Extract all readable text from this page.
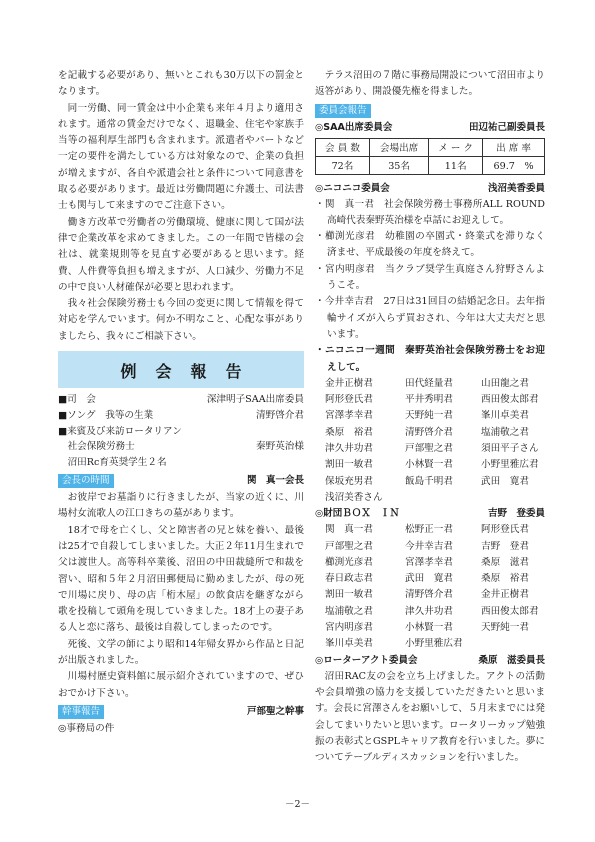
を記載する必要があり、無いとこれも30万以下の罰金となります。

同一労働、同一賃金は中小企業も来年４月より適用されます。通常の賃金だけでなく、退職金、住宅や家族手当等の福利厚生部門も含まれます。派遣者やパートなど一定の要件を満たしている方は対象なので、企業の負担が増えますが、各自や派遣会社と条件について同意書を取る必要があります。最近は労働問題に弁護士、司法書士も関与して来ますのでご注意下さい。

働き方改革で労働者の労働環境、健康に関して国が法律で企業改革を求めてきました。この一年間で皆様の会社は、就業規則等を見直す必要があると思います。経費、人件費等負担も増えますが、人口減少、労働力不足の中で良い人材確保が必要と思われます。

我々社会保険労務士も今回の変更に関して情報を得て対応を学んでいます。何か不明なこと、心配な事がありましたら、我々にご相談下さい。

例会報告
■司　会	深津明子SAA出席委員
■ソング　我等の生業	清野啓介君
■来賓及び来訪ロータリアン
　社会保険労務士	秦野英治様
　沼田Rc育英奨学生２名
会長の時間	関　真一会長

お彼岸でお墓詣りに行きましたが、当家の近くに、川場村女流歌人の江口きちの墓があります。

18才で母を亡くし、父と障害者の兄と妹を養い、最後は25才で自殺してしまいました。大正２年11月生まれで父は渡世人。高等科卒業後、沼田の中田裁縫所で和裁を習い、昭和５年２月沼田郵便局に勤めましたが、母の死で川場に戻り、母の店「桁木屋」の飲食店を継ぎながら歌を投稿して頭角を現していきました。18才上の妻子ある人と恋に落ち、最後は自殺してしまったのです。

死後、文学の師により昭和14年帰女界から作品と日記が出版されました。

川場村歴史資料館に展示紹介されていますので、ぜひおでかけ下さい。

幹事報告	戸部聖之幹事

◎事務局の件

テラス沼田の７階に事務局開設について沼田市より返答があり、開設優先権を得ました。

委員会報告
◎SAA出席委員会	田辺祐己副委員長
会 員 数	会場出席	メ ー ク	出 席 率
72名	35名	11名	69.7　%
◎ニコニコ委員会	浅沼美香委員

・関　真一君　社会保険労務士事務所ALL ROUND高崎代表秦野英治様を卓話にお迎えして。

・櫛渕光彦君　幼稚園の卒園式・終業式を滞りなく済ませ、平成最後の年度を終えて。

・宮内明彦君　当クラブ奨学生真庭さん狩野さんようこそ。

・今井幸吉君　27日は31回目の結婚記念日。去年指輪サイズが入らず買おされ、今年は大丈夫だと思います。

・ニコニコ一週間　秦野英治社会保険労務士をお迎えして。

金井正樹君	田代経量君	山田龍之君
阿形登氏君	平井秀明君	西田俊太郎君
宮澤孝幸君	天野純一君	峯川卓美君
桑原　裕君	清野啓介君	塩浦敬之君
津久井功君	戸部聖之君	須田平子さん
割田一敏君	小林賢一君	小野里雅広君
保坂充男君	飯島千明君	武田　寛君
浅沼美香さん
◎財団ＢＯＸ　ＩＮ	吉野　登委員
関　真一君	松野正一君	阿形登氏君
戸部聖之君	今井幸吉君	吉野　登君
櫛渕光彦君	宮澤孝幸君	桑原　滋君
春日政志君	武田　寛君	桑原　裕君
割田一敏君	清野啓介君	金井正樹君
塩浦敬之君	津久井功君	西田俊太郎君
宮内明彦君	小林賢一君	天野純一君
峯川卓美君	小野里雅広君
◎ローターアクト委員会	桑原　滋委員長

沼田RAC友の会を立ち上げました。アクトの活動や会員増強の協力を支援していただきたいと思います。会長に宮澤さんをお願いして、５月末までには発会してまいりたいと思います。ロータリーカップ勉強振の表彰式とGSPLキャリア教育を行いました。夢についてテーブルディスカッションを行いました。

－2－
